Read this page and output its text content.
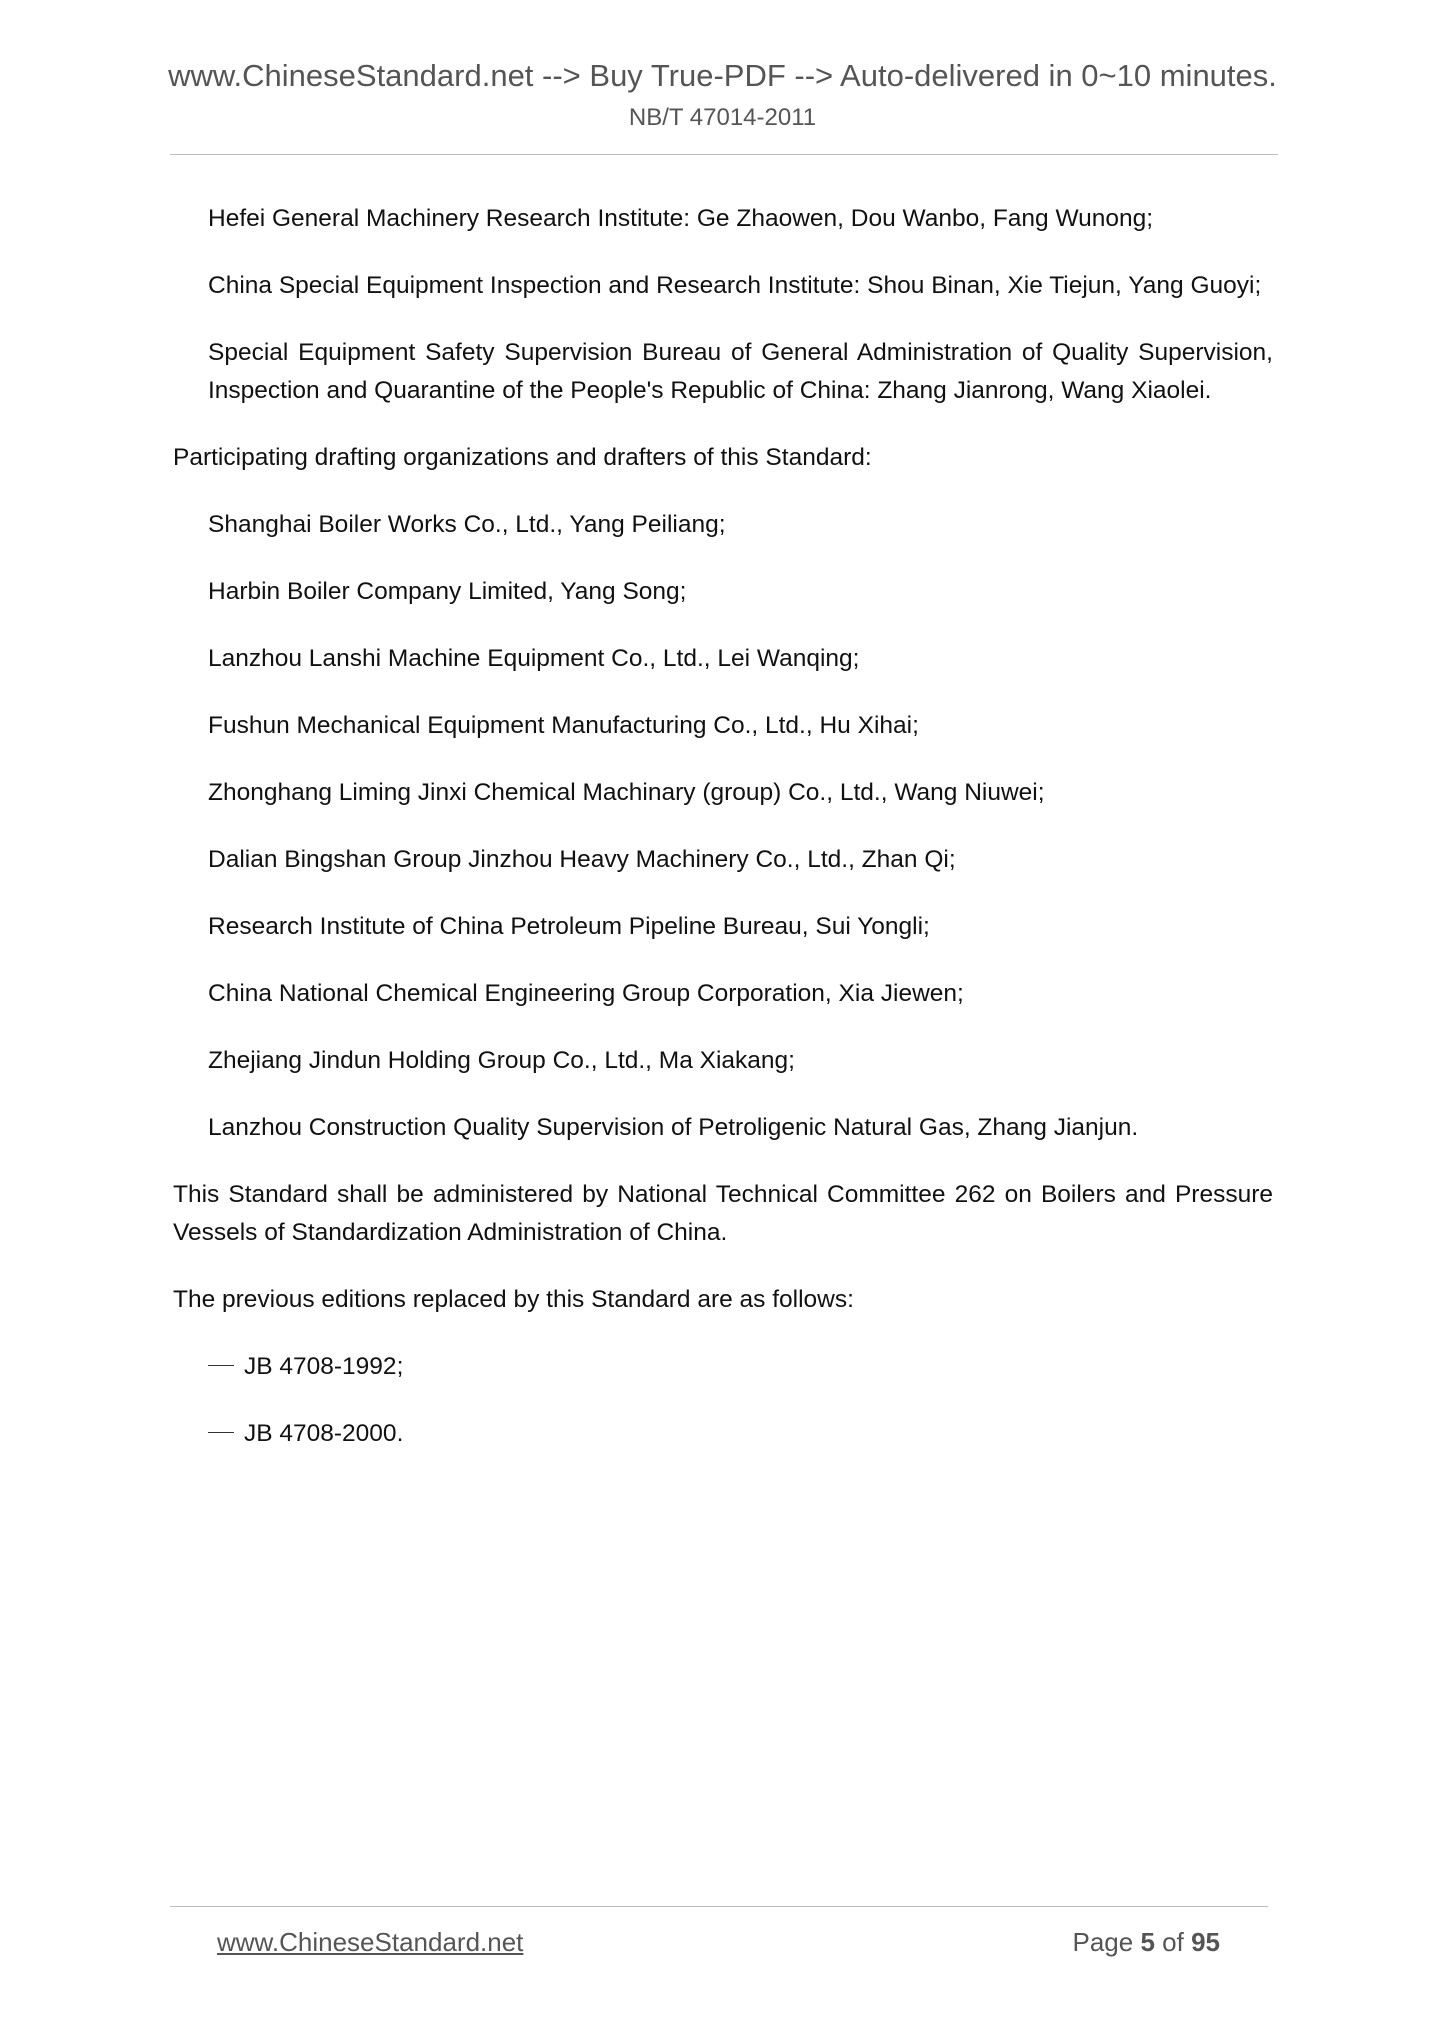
www.ChineseStandard.net --> Buy True-PDF --> Auto-delivered in 0~10 minutes.
NB/T 47014-2011

Hefei General Machinery Research Institute: Ge Zhaowen, Dou Wanbo, Fang Wunong;

China Special Equipment Inspection and Research Institute: Shou Binan, Xie Tiejun, Yang Guoyi;

Special Equipment Safety Supervision Bureau of General Administration of Quality Supervision, Inspection and Quarantine of the People's Republic of China: Zhang Jianrong, Wang Xiaolei.

Participating drafting organizations and drafters of this Standard:

Shanghai Boiler Works Co., Ltd., Yang Peiliang;

Harbin Boiler Company Limited, Yang Song;

Lanzhou Lanshi Machine Equipment Co., Ltd., Lei Wanqing;

Fushun Mechanical Equipment Manufacturing Co., Ltd., Hu Xihai;

Zhonghang Liming Jinxi Chemical Machinary (group) Co., Ltd., Wang Niuwei;

Dalian Bingshan Group Jinzhou Heavy Machinery Co., Ltd., Zhan Qi;

Research Institute of China Petroleum Pipeline Bureau, Sui Yongli;

China National Chemical Engineering Group Corporation, Xia Jiewen;

Zhejiang Jindun Holding Group Co., Ltd., Ma Xiakang;

Lanzhou Construction Quality Supervision of Petroligenic Natural Gas, Zhang Jianjun.

This Standard shall be administered by National Technical Committee 262 on Boilers and Pressure Vessels of Standardization Administration of China.

The previous editions replaced by this Standard are as follows:

JB 4708-1992;
JB 4708-2000.
www.ChineseStandard.net	Page 5 of 95
